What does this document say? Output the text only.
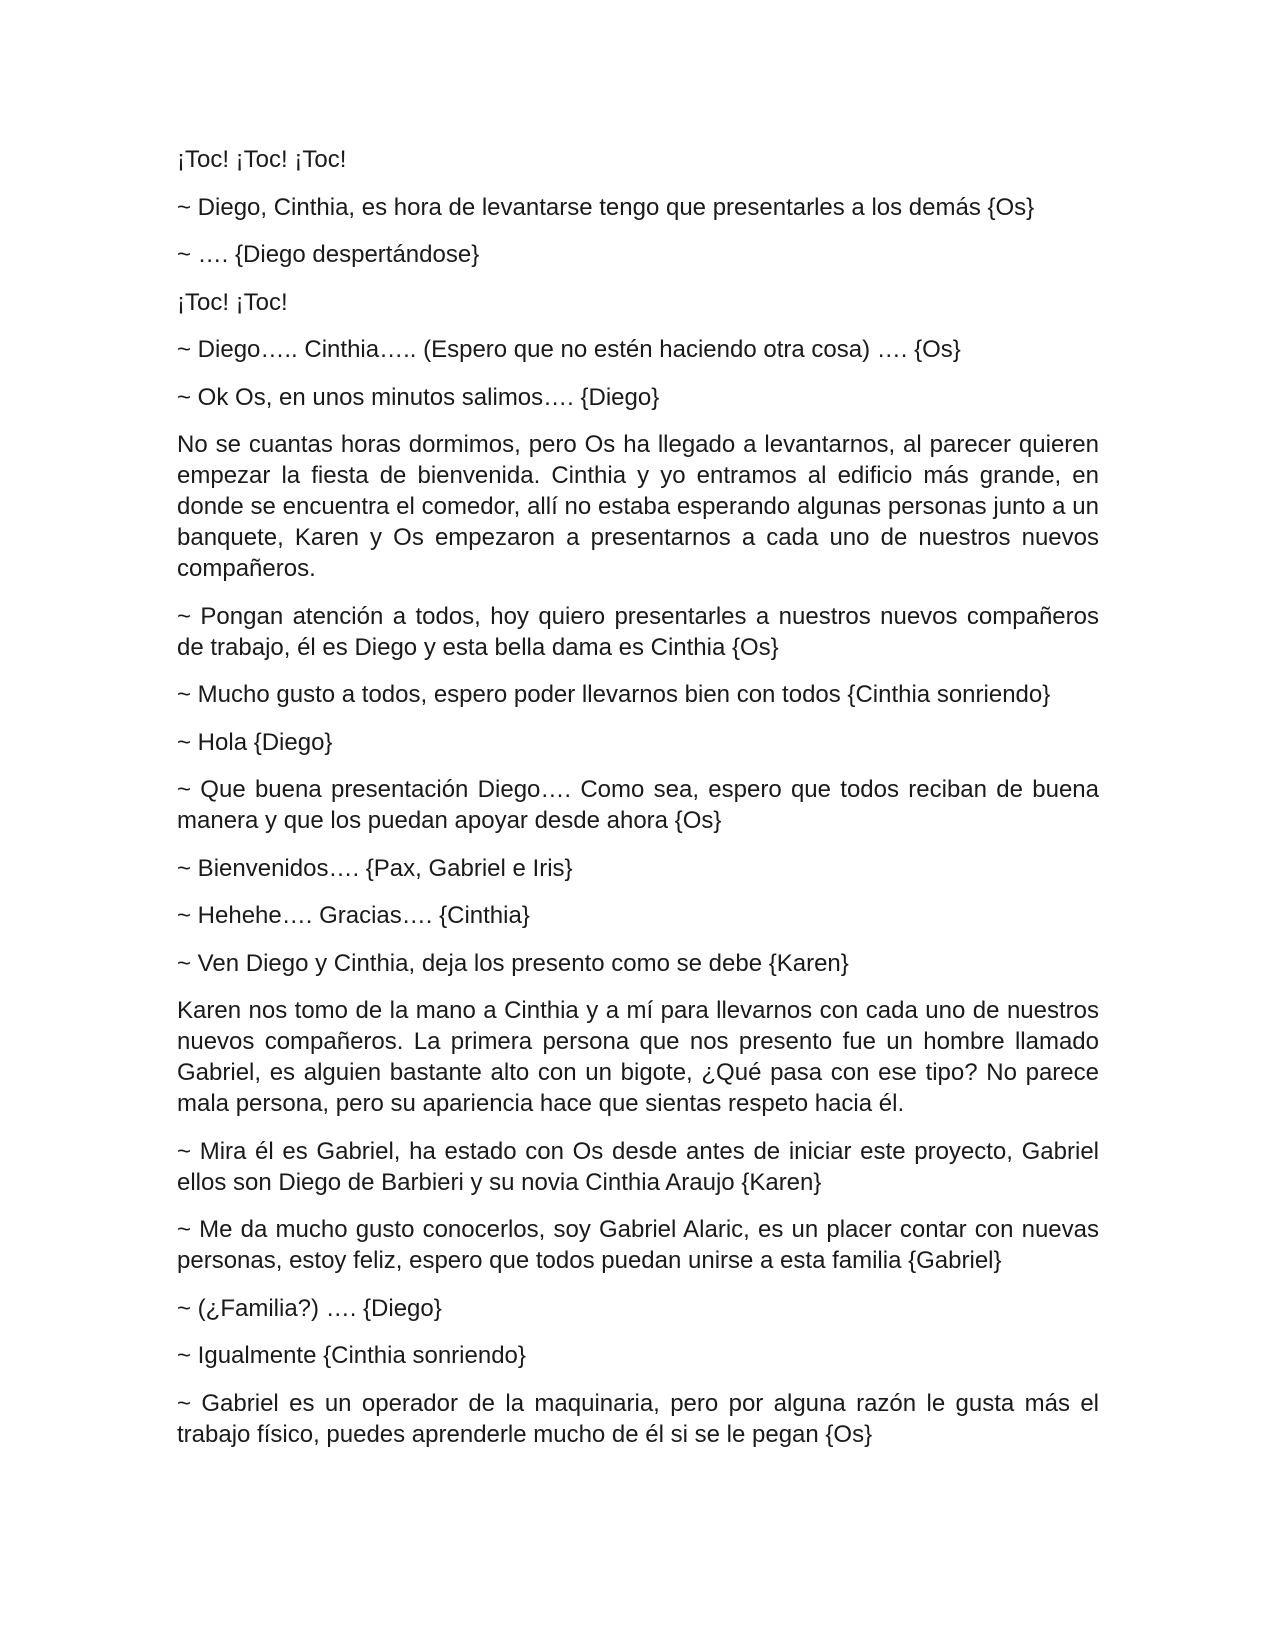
¡Toc! ¡Toc! ¡Toc!

~ Diego, Cinthia, es hora de levantarse tengo que presentarles a los demás {Os}

~ …. {Diego despertándose}

¡Toc! ¡Toc!

~ Diego….. Cinthia….. (Espero que no estén haciendo otra cosa) …. {Os}

~ Ok Os, en unos minutos salimos…. {Diego}

No se cuantas horas dormimos, pero Os ha llegado a levantarnos, al parecer quieren empezar la fiesta de bienvenida. Cinthia y yo entramos al edificio más grande, en donde se encuentra el comedor, allí no estaba esperando algunas personas junto a un banquete, Karen y Os empezaron a presentarnos a cada uno de nuestros nuevos compañeros.

~ Pongan atención a todos, hoy quiero presentarles a nuestros nuevos compañeros de trabajo, él es Diego y esta bella dama es Cinthia {Os}

~ Mucho gusto a todos, espero poder llevarnos bien con todos {Cinthia sonriendo}

~ Hola {Diego}

~ Que buena presentación Diego…. Como sea, espero que todos reciban de buena manera y que los puedan apoyar desde ahora {Os}

~ Bienvenidos…. {Pax, Gabriel e Iris}

~ Hehehe…. Gracias…. {Cinthia}

~ Ven Diego y Cinthia, deja los presento como se debe {Karen}

Karen nos tomo de la mano a Cinthia y a mí para llevarnos con cada uno de nuestros nuevos compañeros. La primera persona que nos presento fue un hombre llamado Gabriel, es alguien bastante alto con un bigote, ¿Qué pasa con ese tipo? No parece mala persona, pero su apariencia hace que sientas respeto hacia él.

~ Mira él es Gabriel, ha estado con Os desde antes de iniciar este proyecto, Gabriel ellos son Diego de Barbieri y su novia Cinthia Araujo {Karen}

~ Me da mucho gusto conocerlos, soy Gabriel Alaric, es un placer contar con nuevas personas, estoy feliz, espero que todos puedan unirse a esta familia {Gabriel}

~ (¿Familia?) …. {Diego}

~ Igualmente {Cinthia sonriendo}

~ Gabriel es un operador de la maquinaria, pero por alguna razón le gusta más el trabajo físico, puedes aprenderle mucho de él si se le pegan {Os}
